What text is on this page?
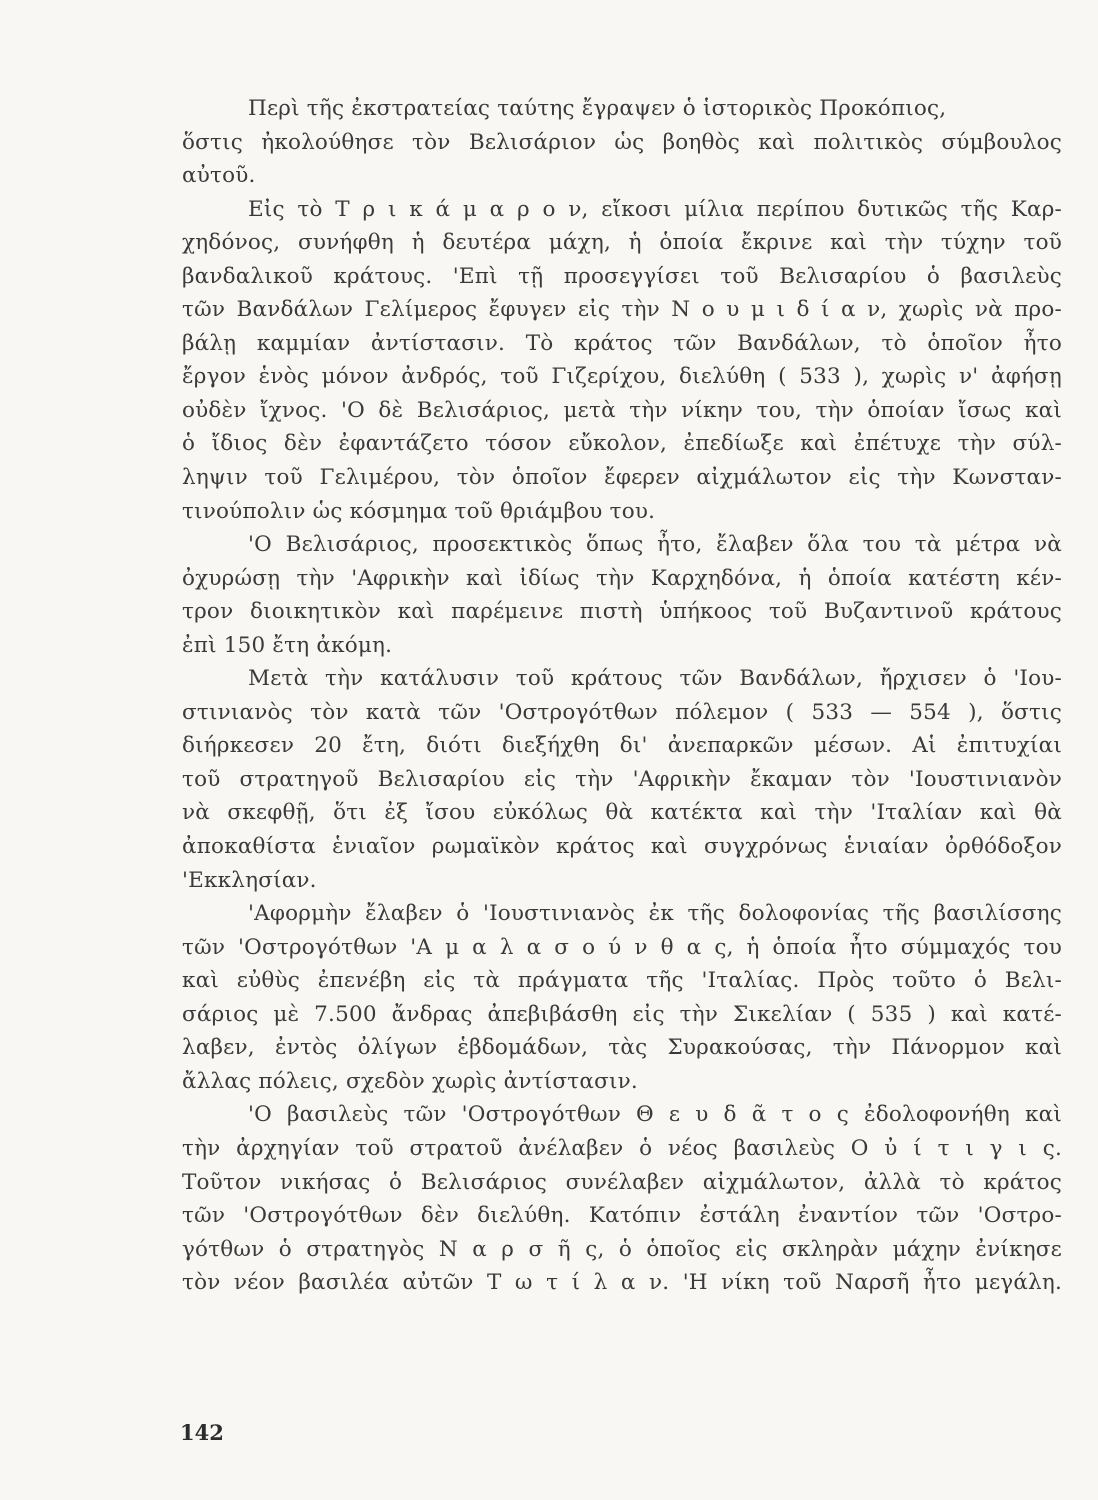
Περὶ τῆς ἐκστρατείας ταύτης ἔγραψεν ὁ ἱστορικὸς Προκόπιος,
ὅστις ἠκολούθησε τὸν Βελισάριον ὡς βοηθὸς καὶ πολιτικὸς σύμβουλος
αὐτοῦ.
Εἰς τὸ Τ ρ ι κ ά μ α ρ ο ν, εἴκοσι μίλια περίπου δυτικῶς τῆς Καρ-
χηδόνος, συνήφθη ἡ δευτέρα μάχη, ἡ ὁποία ἔκρινε καὶ τὴν τύχην τοῦ
βανδαλικοῦ κράτους. 'Επὶ τῇ προσεγγίσει τοῦ Βελισαρίου ὁ βασιλεὺς
τῶν Βανδάλων Γελίμερος ἔφυγεν εἰς τὴν Ν ο υ μ ι δ ί α ν, χωρὶς νὰ προ-
βάλῃ καμμίαν ἀντίστασιν. Τὸ κράτος τῶν Βανδάλων, τὸ ὁποῖον ἦτο
ἔργον ἑνὸς μόνον ἀνδρός, τοῦ Γιζερίχου, διελύθη ( 533 ), χωρὶς ν' ἀφήσῃ
οὐδὲν ἴχνος. 'Ο δὲ Βελισάριος, μετὰ τὴν νίκην του, τὴν ὁποίαν ἴσως καὶ
ὁ ἴδιος δὲν ἐφαντάζετο τόσον εὔκολον, ἐπεδίωξε καὶ ἐπέτυχε τὴν σύλ-
ληψιν τοῦ Γελιμέρου, τὸν ὁποῖον ἔφερεν αἰχμάλωτον εἰς τὴν Κωνσταν-
τινούπολιν ὡς κόσμημα τοῦ θριάμβου του.
'Ο Βελισάριος, προσεκτικὸς ὅπως ἦτο, ἔλαβεν ὅλα του τὰ μέτρα νὰ
ὀχυρώσῃ τὴν 'Αφρικὴν καὶ ἰδίως τὴν Καρχηδόνα, ἡ ὁποία κατέστη κέν-
τρον διοικητικὸν καὶ παρέμεινε πιστὴ ὑπήκοος τοῦ Βυζαντινοῦ κράτους
ἐπὶ 150 ἔτη ἀκόμη.
Μετὰ τὴν κατάλυσιν τοῦ κράτους τῶν Βανδάλων, ἤρχισεν ὁ 'Ιου-
στινιανὸς τὸν κατὰ τῶν 'Οστρογότθων πόλεμον ( 533 — 554 ), ὅστις
διήρκεσεν 20 ἔτη, διότι διεξήχθη δι' ἀνεπαρκῶν μέσων. Αἱ ἐπιτυχίαι
τοῦ στρατηγοῦ Βελισαρίου εἰς τὴν 'Αφρικὴν ἔκαμαν τὸν 'Ιουστινιανὸν
νὰ σκεφθῇ, ὅτι ἐξ ἴσου εὐκόλως θὰ κατέκτα καὶ τὴν 'Ιταλίαν καὶ θὰ
ἀποκαθίστα ἑνιαῖον ρωμαϊκὸν κράτος καὶ συγχρόνως ἑνιαίαν ὀρθόδοξον
'Εκκλησίαν.
'Αφορμὴν ἔλαβεν ὁ 'Ιουστινιανὸς ἐκ τῆς δολοφονίας τῆς βασιλίσσης
τῶν 'Οστρογότθων 'Α μ α λ α σ ο ύ ν θ α ς, ἡ ὁποία ἦτο σύμμαχός του
καὶ εὐθὺς ἐπενέβη εἰς τὰ πράγματα τῆς 'Ιταλίας. Πρὸς τοῦτο ὁ Βελι-
σάριος μὲ 7.500 ἄνδρας ἀπεβιβάσθη εἰς τὴν Σικελίαν ( 535 ) καὶ κατέ-
λαβεν, ἐντὸς ὀλίγων ἑβδομάδων, τὰς Συρακούσας, τὴν Πάνορμον καὶ
ἄλλας πόλεις, σχεδὸν χωρὶς ἀντίστασιν.
'Ο βασιλεὺς τῶν 'Οστρογότθων Θ ε υ δ ᾶ τ ο ς ἐδολοφονήθη καὶ
τὴν ἀρχηγίαν τοῦ στρατοῦ ἀνέλαβεν ὁ νέος βασιλεὺς Ο ὐ ί τ ι γ ι ς.
Τοῦτον νικήσας ὁ Βελισάριος συνέλαβεν αἰχμάλωτον, ἀλλὰ τὸ κράτος
τῶν 'Οστρογότθων δὲν διελύθη. Κατόπιν ἐστάλη ἐναντίον τῶν 'Οστρο-
γότθων ὁ στρατηγὸς Ν α ρ σ ῆ ς, ὁ ὁποῖος εἰς σκληρὰν μάχην ἐνίκησε
τὸν νέον βασιλέα αὐτῶν Τ ω τ ί λ α ν. 'Η νίκη τοῦ Ναρσῆ ἦτο μεγάλη.
142
